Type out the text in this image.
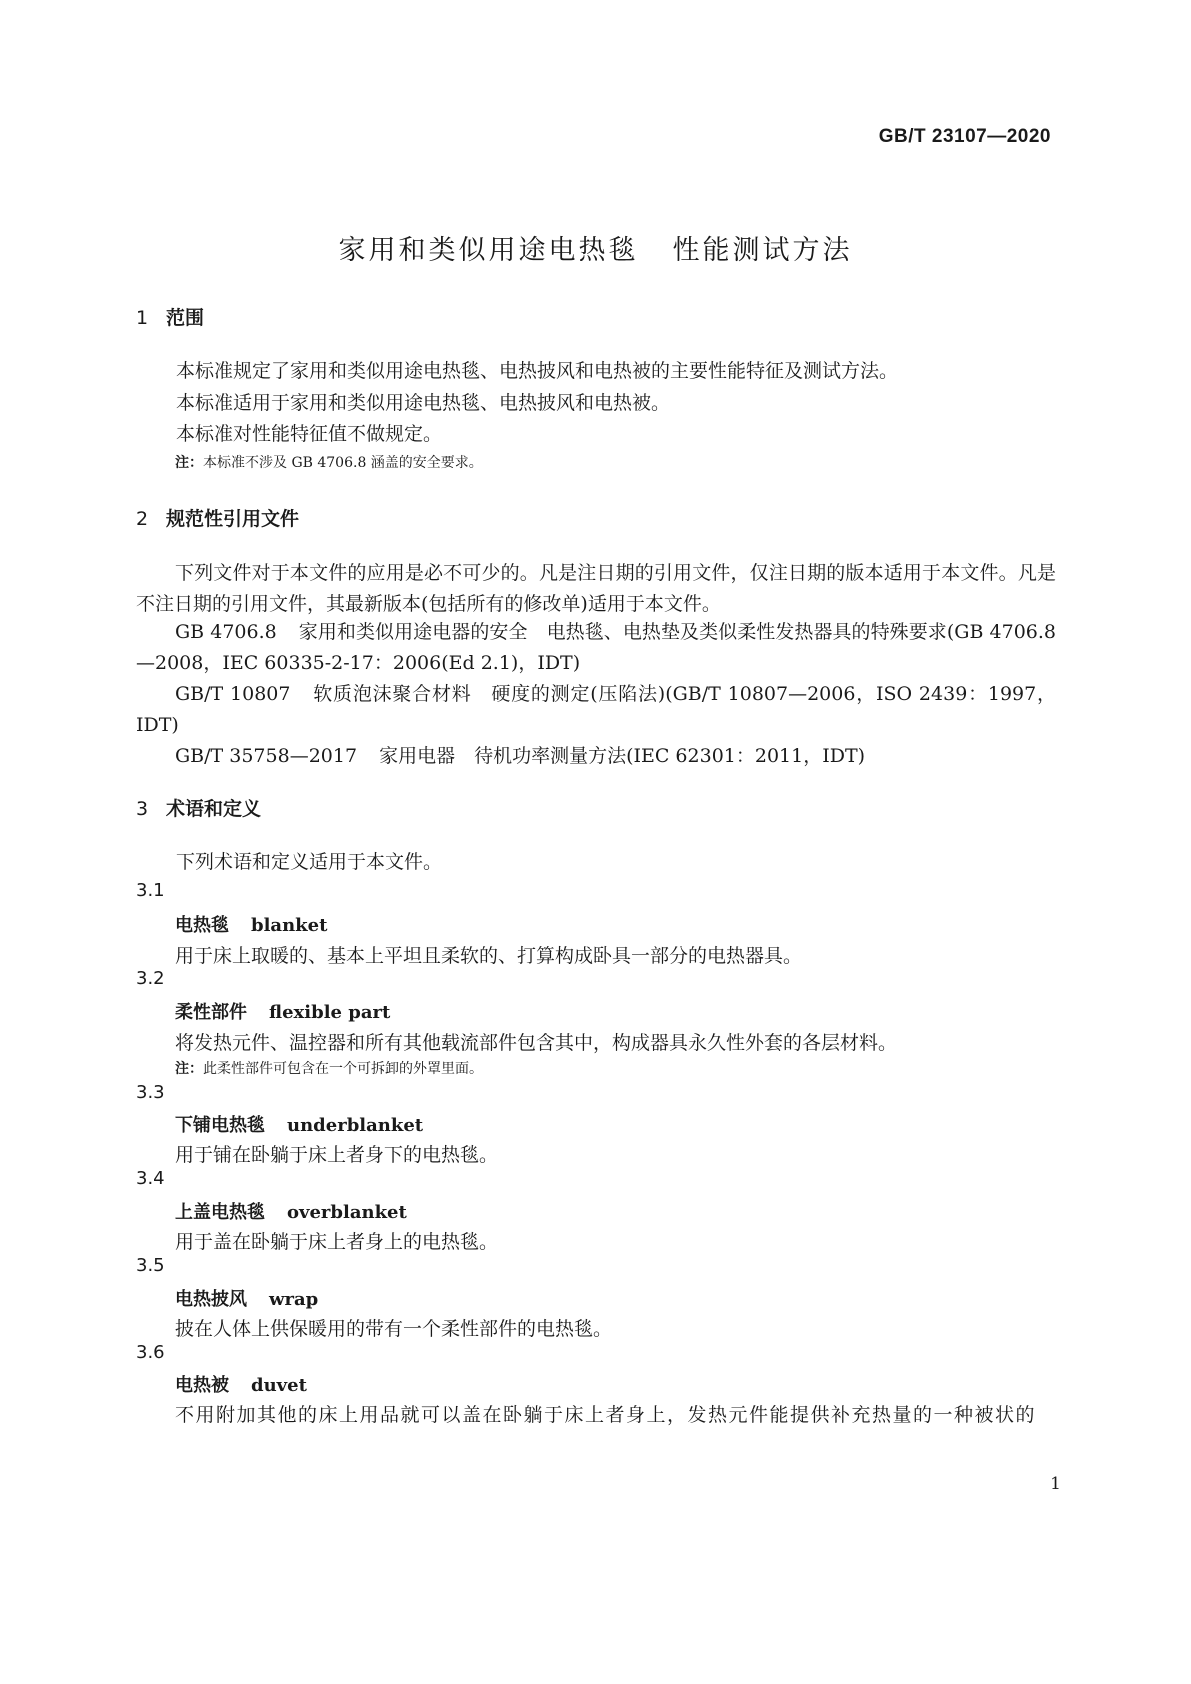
GB/T 23107—2020
家用和类似用途电热毯 性能测试方法
1 范围
本标准规定了家用和类似用途电热毯、电热披风和电热被的主要性能特征及测试方法。
本标准适用于家用和类似用途电热毯、电热披风和电热被。
本标准对性能特征值不做规定。
注：本标准不涉及 GB 4706.8 涵盖的安全要求。
2 规范性引用文件
下列文件对于本文件的应用是必不可少的。凡是注日期的引用文件，仅注日期的版本适用于本文件。凡是不注日期的引用文件，其最新版本(包括所有的修改单)适用于本文件。
GB 4706.8 家用和类似用途电器的安全　电热毯、电热垫及类似柔性发热器具的特殊要求(GB 4706.8—2008，IEC 60335-2-17：2006(Ed 2.1)，IDT)
GB/T 10807 软质泡沫聚合材料　硬度的测定(压陷法)(GB/T 10807—2006，ISO 2439：1997，IDT)
GB/T 35758—2017 家用电器　待机功率测量方法(IEC 62301：2011，IDT)
3 术语和定义
下列术语和定义适用于本文件。
3.1
电热毯 blanket
用于床上取暖的、基本上平坦且柔软的、打算构成卧具一部分的电热器具。
3.2
柔性部件 flexible part
将发热元件、温控器和所有其他载流部件包含其中，构成器具永久性外套的各层材料。
注：此柔性部件可包含在一个可拆卸的外罩里面。
3.3
下铺电热毯 underblanket
用于铺在卧躺于床上者身下的电热毯。
3.4
上盖电热毯 overblanket
用于盖在卧躺于床上者身上的电热毯。
3.5
电热披风 wrap
披在人体上供保暖用的带有一个柔性部件的电热毯。
3.6
电热被 duvet
不用附加其他的床上用品就可以盖在卧躺于床上者身上，发热元件能提供补充热量的一种被状的
1
